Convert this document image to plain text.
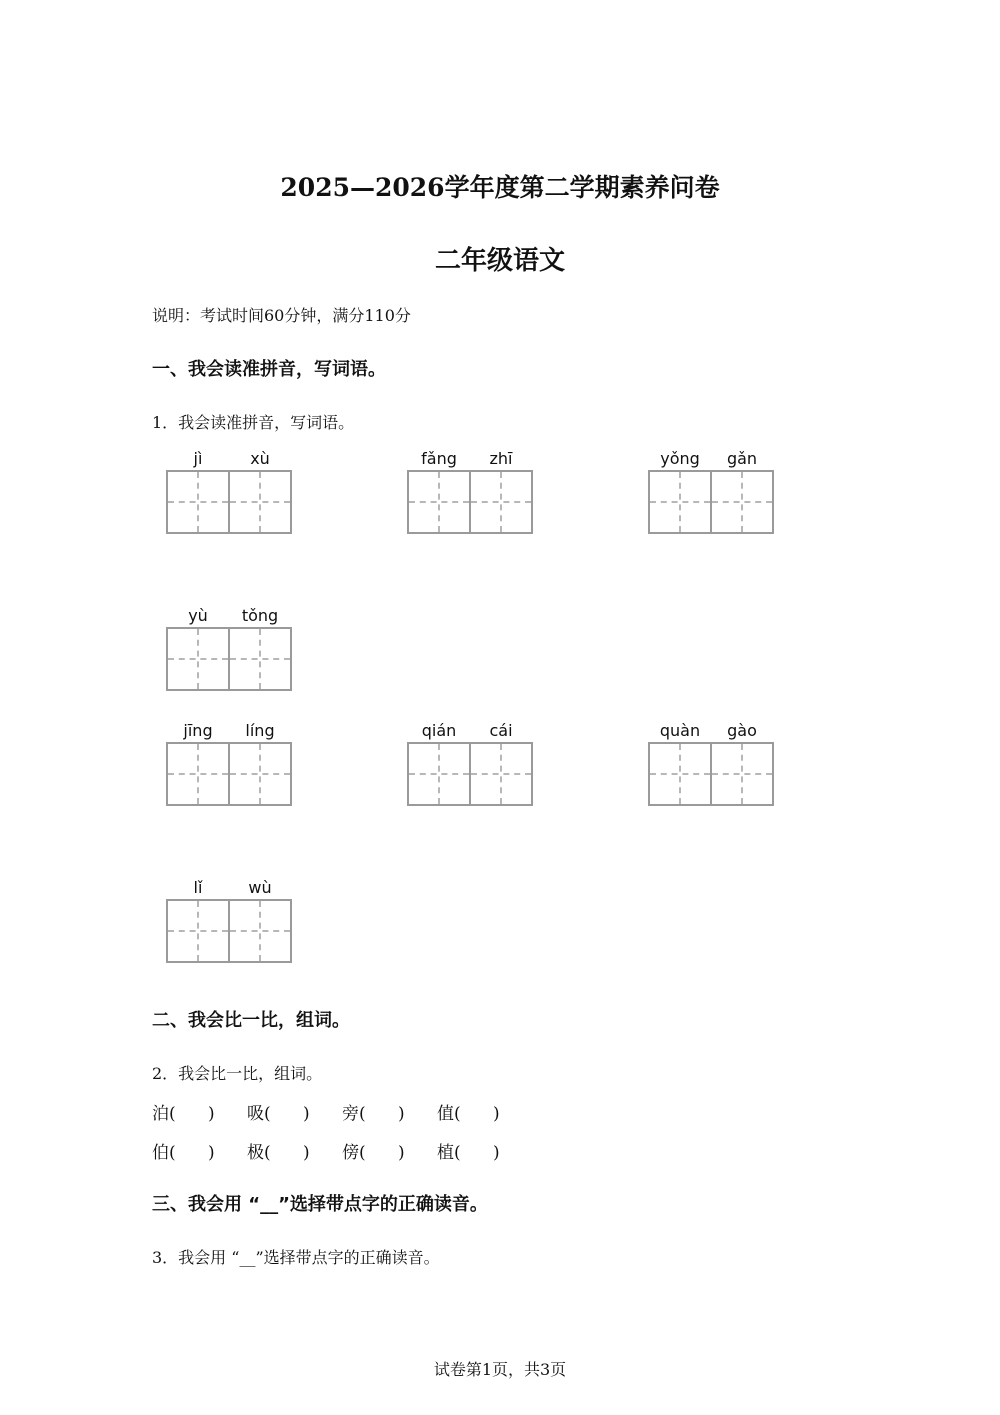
2025—2026学年度第二学期素养问卷
二年级语文
说明：考试时间60分钟，满分110分
一、我会读准拼音，写词语。
1．我会读准拼音，写词语。
jì	xù	fǎng	zhī	yǒng	gǎn
yù	tǒng
jīng	líng	qián	cái	quàn	gào
lǐ	wù
二、我会比一比，组词。
2．我会比一比，组词。
泊(      )	吸(      )	旁(      )	值(      )
伯(      )	极(      )	傍(      )	植(      )
三、我会用 “__”选择带点字的正确读音。
3．我会用 “__”选择带点字的正确读音。
试卷第1页，共3页
